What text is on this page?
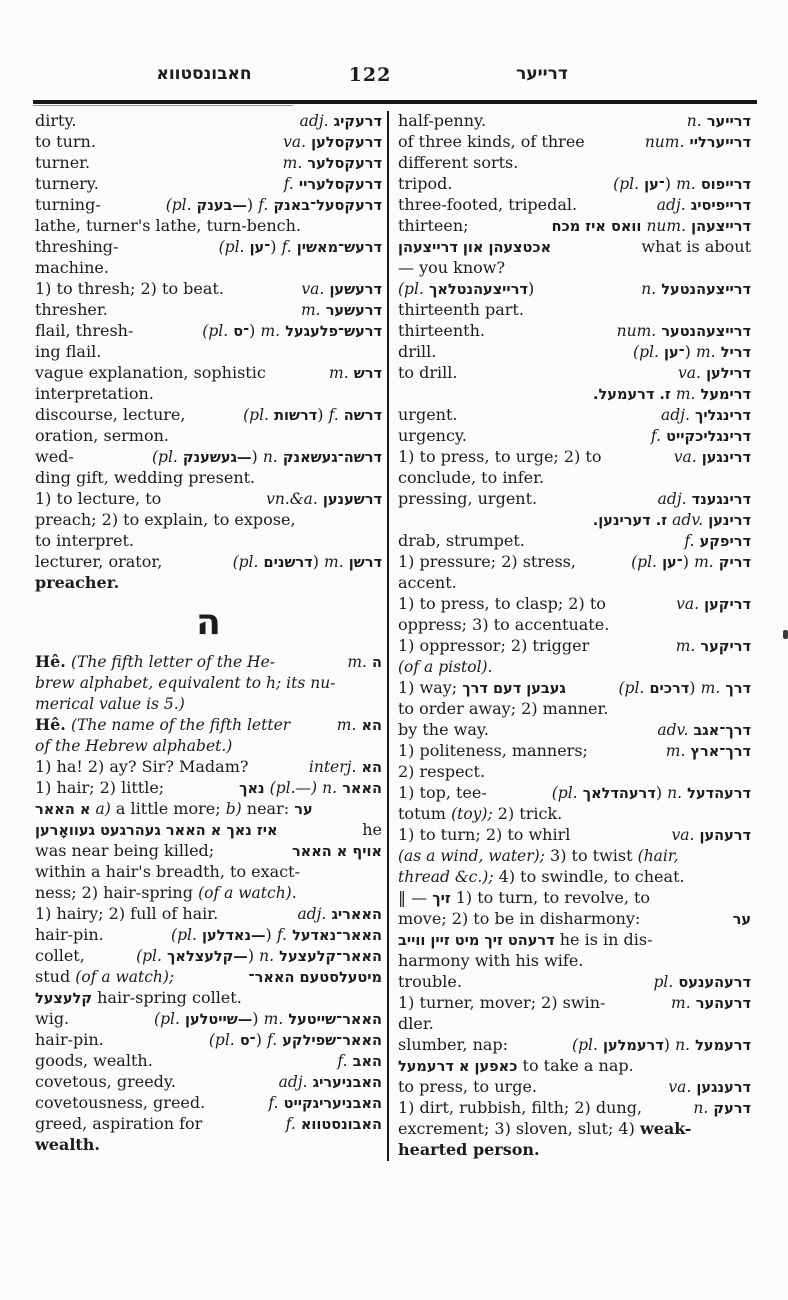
חאבונסטווא	122	דרייער
dirty.	adj. דרעקיג
to turn.	va. דרעקסלען
turner.	m. דרעקסלער
turnery.	f. דרעקסלעריי
turning-	(pl. —בענק) f. דרעקסעל־באנק
lathe, turner's lathe, turn-bench.
threshing-	(pl. ־ען) f. דרעש־מאשין
machine.
1) to thresh; 2) to beat.	va. דרעשען
thresher.	m. דרעשער
flail, thresh-	(pl. ־ס) m. דרעש־פלעגעל
ing flail.
vague explanation, sophistic	m. דרש
interpretation.
discourse, lecture,	(pl. דרשות) f. דרשה
oration, sermon.
wed-	(pl. —געשענק) n. דרשה־געשאנק
ding gift, wedding present.
1) to lecture, to	vn.&a. דרשענען
preach; 2) to explain, to expose,
to interpret.
lecturer, orator,	(pl. דרשנים) m. דרשן
preacher.
ה
Hê. (The fifth letter of the He-	m. ה
brew alphabet, equivalent to h; its nu-
merical value is 5.)
Hê. (The name of the fifth letter	m. הא
of the Hebrew alphabet.)
1) ha! 2) ay? Sir? Madam?	interj. הא
1) hair; 2) little;	נאך (pl.—) n. האאר
א האאר a) a little more; b) near: ער
איז נאך א האאר געהרגעט געוואָרען	he
was near being killed;	אויף א האאר
within a hair's breadth, to exact-
ness; 2) hair-spring (of a watch).
1) hairy; 2) full of hair.	adj. האאריג
hair-pin.	(pl. —נאדלען) f. האאר־נאדעל
collet,	(pl. —קלעצלאך) n. האאר־קלעצעל
stud (of a watch);	מיטעלסטעם האאר־
קלעצעל hair-spring collet.
wig.	(pl. —שייטלען) m. האאר־שייטעל
hair-pin.	(pl. ־ס) f. האאר־שפילקע
goods, wealth.	f. האב
covetous, greedy.	adj. האבניעריג
covetousness, greed.	f. האבניעריגקייט
greed, aspiration for	f. האבונסטווא
wealth.
half-penny.	n. דרייער
of three kinds, of three	num. דרייערליי
different sorts.
tripod.	(pl. ־ען) m. דרייפוס
three-footed, tripedal.	adj. דרייפיסיג
thirteen;	וואס איז מכח num. דרייצעהן
אכטצעהן און דרייצעהן	what is about
— you know?
(pl. דרייצעהנטלאך)	n. דרייצעהנטעל
thirteenth part.
thirteenth.	num. דרייצעהנטער
drill.	(pl. ־ען) m. דריל
to drill.	va. דרילען
ז. דרעמעל. m. דרימעל
urgent.	adj. דרינגליך
urgency.	f. דרינגליכקייט
1) to press, to urge; 2) to	va. דרינגען
conclude, to infer.
pressing, urgent.	adj. דרינגענד
ז. דערינען. adv. דרינען
drab, strumpet.	f. דריפקע
1) pressure; 2) stress,	(pl. ־ען) m. דריק
accent.
1) to press, to clasp; 2) to	va. דריקען
oppress; 3) to accentuate.
1) oppressor; 2) trigger	m. דריקער
(of a pistol).
1) way; געבען דעם דרך	(pl. דרכים) m. דרך
to order away; 2) manner.
by the way.	adv. דרך־אגב
1) politeness, manners;	m. דרך־ארץ
2) respect.
1) top, tee-	(pl. דרעהדלאך) n. דרעהדעל
totum (toy); 2) trick.
1) to turn; 2) to whirl	va. דרעהען
(as a wind, water); 3) to twist (hair,
thread &c.); 4) to swindle, to cheat.
‖ — זיך 1) to turn, to revolve, to
move; 2) to be in disharmony:	ער
דרעהט זיך מיט זיין ווייב he is in dis-
harmony with his wife.
trouble.	pl. דרעהענעס
1) turner, mover; 2) swin-	m. דרעהער
dler.
slumber, nap:	(pl. דרעמלען) n. דרעמעל
כאפען א דרעמעל to take a nap.
to press, to urge.	va. דרענגען
1) dirt, rubbish, filth; 2) dung,	n. דרעק
excrement; 3) sloven, slut; 4) weak-
hearted person.
